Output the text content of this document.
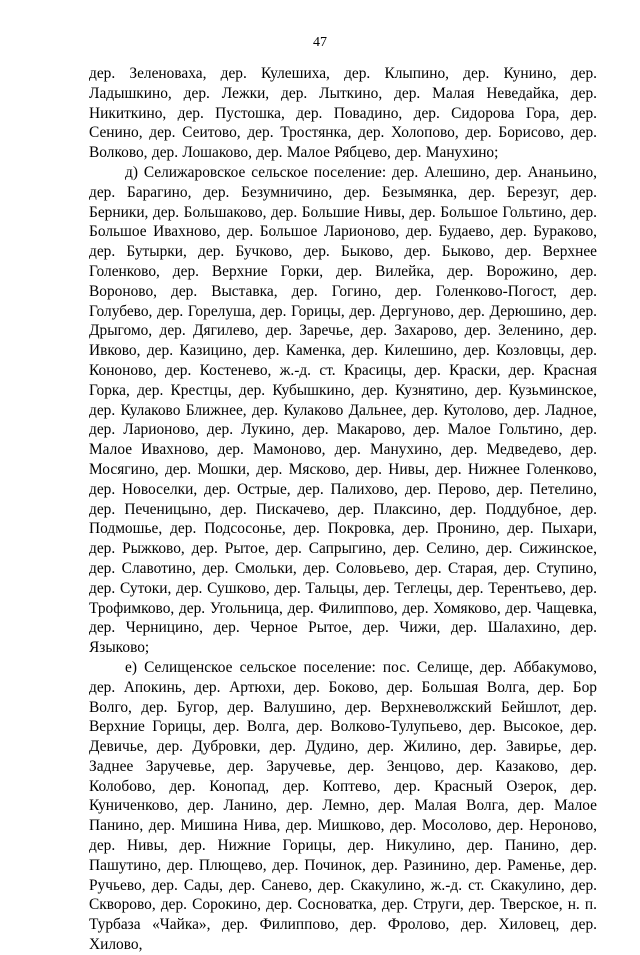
47

дер. Зеленоваха, дер. Кулешиха, дер. Клыпино, дер. Кунино, дер. Ладышкино, дер. Лежки, дер. Лыткино, дер. Малая Неведайка, дер. Никиткино, дер. Пустошка, дер. Повадино, дер. Сидорова Гора, дер. Сенино, дер. Сеитово, дер. Тростянка, дер. Холопово, дер. Борисово, дер. Волково, дер. Лошаково, дер. Малое Рябцево, дер. Манухино;

д) Селижаровское сельское поселение: дер. Алешино, дер. Ананьино, дер. Барагино, дер. Безумничино, дер. Безымянка, дер. Березуг, дер. Берники, дер. Большаково, дер. Большие Нивы, дер. Большое Гольтино, дер. Большое Ивахново, дер. Большое Ларионово, дер. Будаево, дер. Бураково, дер. Бутырки, дер. Бучково, дер. Быково, дер. Быково, дер. Верхнее Голенково, дер. Верхние Горки, дер. Вилейка, дер. Ворожино, дер. Вороново, дер. Выставка, дер. Гогино, дер. Голенково-Погост, дер. Голубево, дер. Горелуша, дер. Горицы, дер. Дергуново, дер. Дерюшино, дер. Дрыгомо, дер. Дягилево, дер. Заречье, дер. Захарово, дер. Зеленино, дер. Ивково, дер. Казицино, дер. Каменка, дер. Килешино, дер. Козловцы, дер. Кононово, дер. Костенево, ж.-д. ст. Красицы, дер. Краски, дер. Красная Горка, дер. Крестцы, дер. Кубышкино, дер. Кузнятино, дер. Кузьминское, дер. Кулаково Ближнее, дер. Кулаково Дальнее, дер. Кутолово, дер. Ладное, дер. Ларионово, дер. Лукино, дер. Макарово, дер. Малое Гольтино, дер. Малое Ивахново, дер. Мамоново, дер. Манухино, дер. Медведево, дер. Мосягино, дер. Мошки, дер. Мясково, дер. Нивы, дер. Нижнее Голенково, дер. Новоселки, дер. Острые, дер. Палихово, дер. Перово, дер. Петелино, дер. Печеницыно, дер. Пискачево, дер. Плаксино, дер. Поддубное, дер. Подмошье, дер. Подсосонье, дер. Покровка, дер. Пронино, дер. Пыхари, дер. Рыжково, дер. Рытое, дер. Сапрыгино, дер. Селино, дер. Сижинское, дер. Славотино, дер. Смольки, дер. Соловьево, дер. Старая, дер. Ступино, дер. Сутоки, дер. Сушково, дер. Тальцы, дер. Теглецы, дер. Терентьево, дер. Трофимково, дер. Угольница, дер. Филиппово, дер. Хомяково, дер. Чащевка, дер. Черницино, дер. Черное Рытое, дер. Чижи, дер. Шалахино, дер. Языково;

е) Селищенское сельское поселение: пос. Селище, дер. Аббакумово, дер. Апокинь, дер. Артюхи, дер. Боково, дер. Большая Волга, дер. Бор Волго, дер. Бугор, дер. Валушино, дер. Верхневолжский Бейшлот, дер. Верхние Горицы, дер. Волга, дер. Волково-Тулупьево, дер. Высокое, дер. Девичье, дер. Дубровки, дер. Дудино, дер. Жилино, дер. Завирье, дер. Заднее Заручевье, дер. Заручевье, дер. Зенцово, дер. Казаково, дер. Колобово, дер. Конопад, дер. Коптево, дер. Красный Озерок, дер. Куниченково, дер. Ланино, дер. Лемно, дер. Малая Волга, дер. Малое Панино, дер. Мишина Нива, дер. Мишково, дер. Мосолово, дер. Нероново, дер. Нивы, дер. Нижние Горицы, дер. Никулино, дер. Панино, дер. Пашутино, дер. Плющево, дер. Починок, дер. Разинино, дер. Раменье, дер. Ручьево, дер. Сады, дер. Санево, дер. Скакулино, ж.-д. ст. Скакулино, дер. Скворово, дер. Сорокино, дер. Сосноватка, дер. Струги, дер. Тверское, н. п. Турбаза «Чайка», дер. Филиппово, дер. Фролово, дер. Хиловец, дер. Хилово,
